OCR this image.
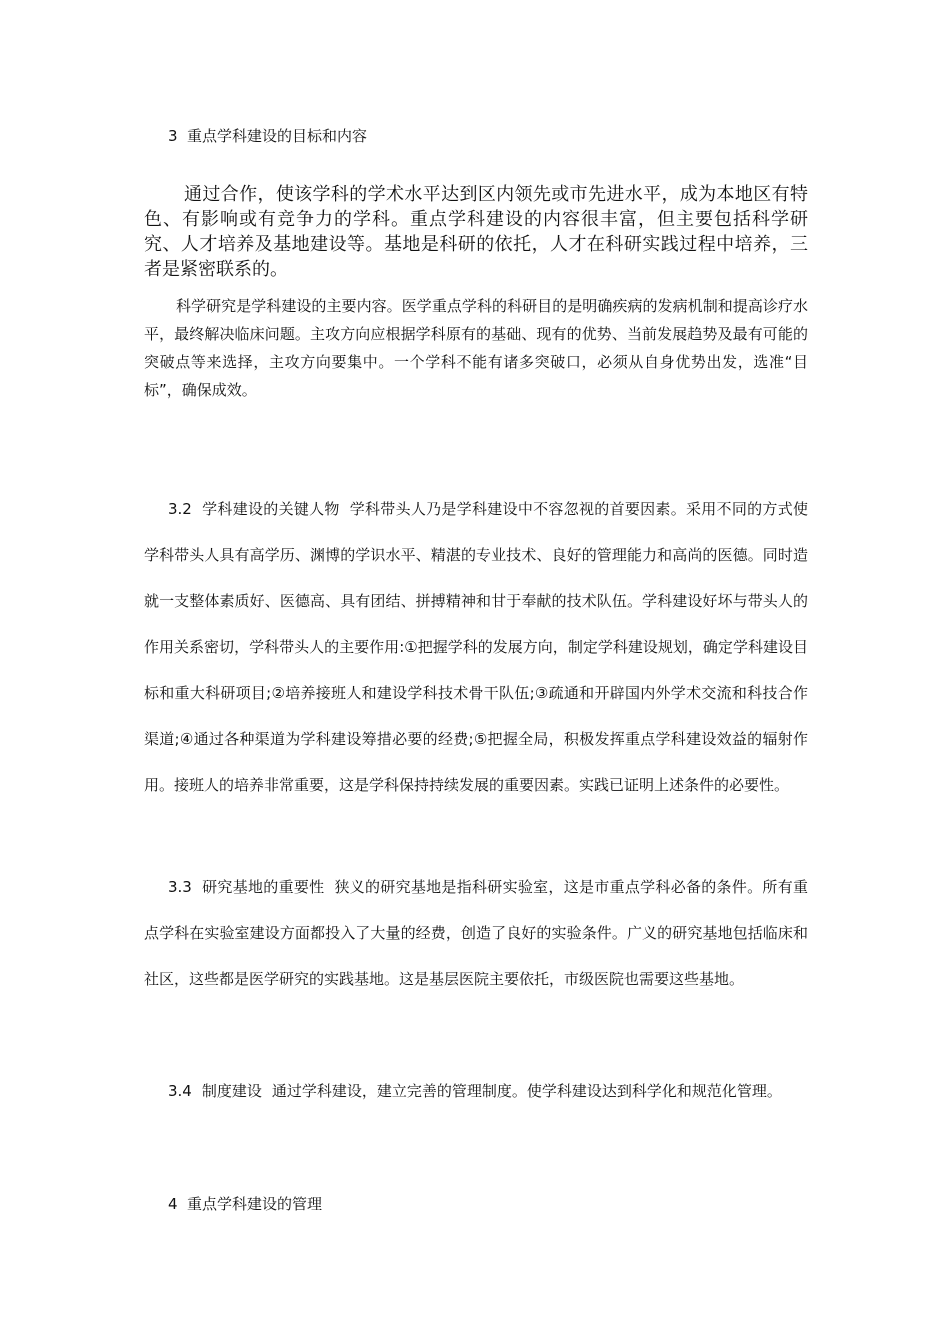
3 重点学科建设的目标和内容

通过合作，使该学科的学术水平达到区内领先或市先进水平，成为本地区有特色、有影响或有竞争力的学科。重点学科建设的内容很丰富，但主要包括科学研究、人才培养及基地建设等。基地是科研的依托，人才在科研实践过程中培养，三者是紧密联系的。

科学研究是学科建设的主要内容。医学重点学科的科研目的是明确疾病的发病机制和提高诊疗水平，最终解决临床问题。主攻方向应根据学科原有的基础、现有的优势、当前发展趋势及最有可能的突破点等来选择，主攻方向要集中。一个学科不能有诸多突破口，必须从自身优势出发，选准“目标”，确保成效。

3.2 学科建设的关键人物 学科带头人乃是学科建设中不容忽视的首要因素。采用不同的方式使学科带头人具有高学历、渊博的学识水平、精湛的专业技术、良好的管理能力和高尚的医德。同时造就一支整体素质好、医德高、具有团结、拼搏精神和甘于奉献的技术队伍。学科建设好坏与带头人的作用关系密切，学科带头人的主要作用:①把握学科的发展方向，制定学科建设规划，确定学科建设目标和重大科研项目;②培养接班人和建设学科技术骨干队伍;③疏通和开辟国内外学术交流和科技合作渠道;④通过各种渠道为学科建设筹措必要的经费;⑤把握全局，积极发挥重点学科建设效益的辐射作用。接班人的培养非常重要，这是学科保持持续发展的重要因素。实践已证明上述条件的必要性。

3.3 研究基地的重要性 狭义的研究基地是指科研实验室，这是市重点学科必备的条件。所有重点学科在实验室建设方面都投入了大量的经费，创造了良好的实验条件。广义的研究基地包括临床和社区，这些都是医学研究的实践基地。这是基层医院主要依托，市级医院也需要这些基地。

3.4 制度建设 通过学科建设，建立完善的管理制度。使学科建设达到科学化和规范化管理。

4 重点学科建设的管理
